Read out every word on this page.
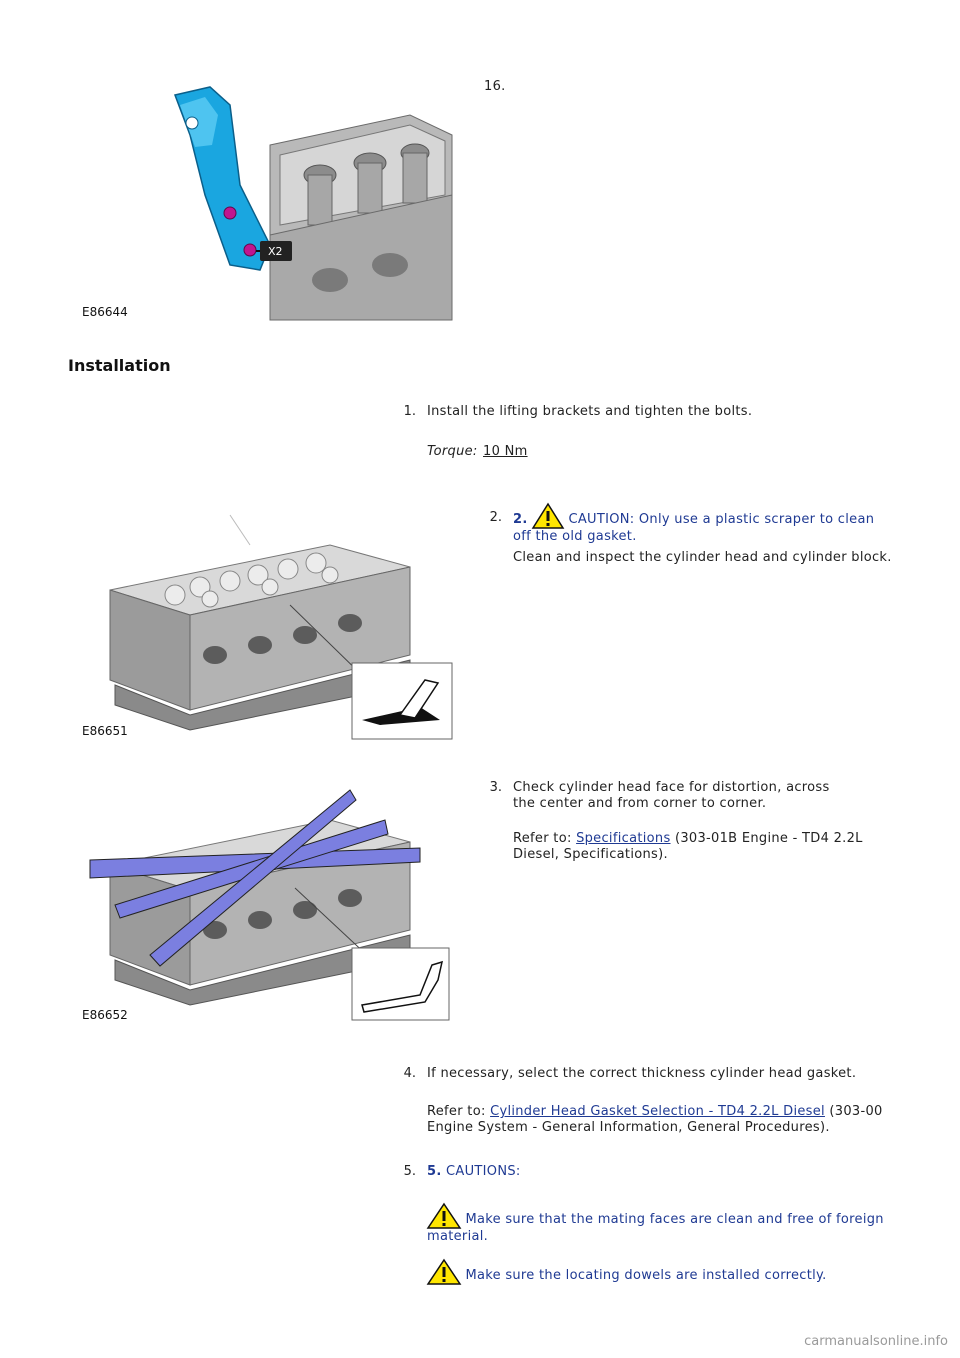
X2
E86644
16.
Installation
1. Install the lifting brackets and tighten the bolts.
Torque: 10 Nm
E86651
2. 2.	CAUTION: Only use a plastic scraper to clean off the old gasket.
Clean and inspect the cylinder head and cylinder block.
E86652
3. Check cylinder head face for distortion, across the center and from corner to corner.
Refer to: Specifications (303-01B Engine - TD4 2.2L Diesel, Specifications).
4. If necessary, select the correct thickness cylinder head gasket.
Refer to: Cylinder Head Gasket Selection - TD4 2.2L Diesel (303-00 Engine System - General Information, General Procedures).
5. 5. CAUTIONS:
Make sure that the mating faces are clean and free of foreign material.
Make sure the locating dowels are installed correctly.
carmanualsonline.info
